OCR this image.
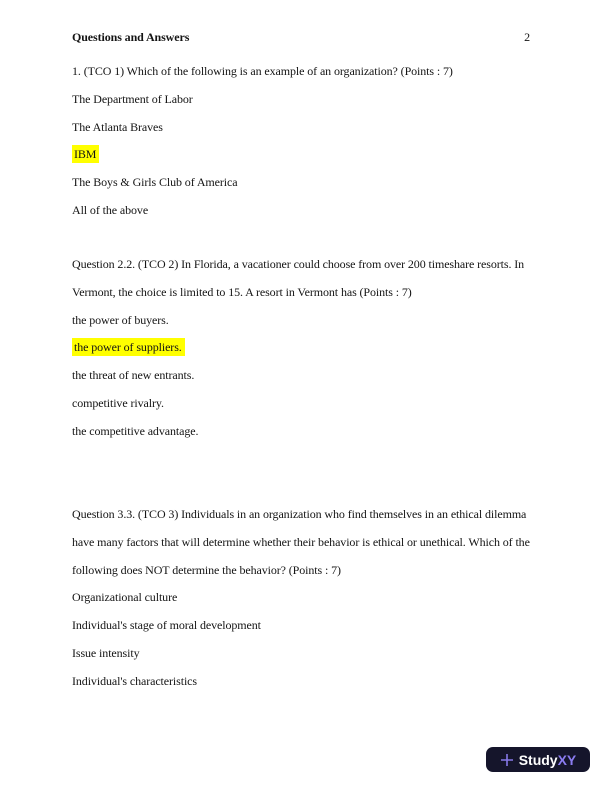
Questions and Answers	2
1. (TCO 1) Which of the following is an example of an organization? (Points : 7)
The Department of Labor
The Atlanta Braves
IBM
The Boys & Girls Club of America
All of the above
Question 2.2. (TCO 2) In Florida, a vacationer could choose from over 200 timeshare resorts. In
Vermont, the choice is limited to 15. A resort in Vermont has (Points : 7)
the power of buyers.
the power of suppliers.
the threat of new entrants.
competitive rivalry.
the competitive advantage.
Question 3.3. (TCO 3) Individuals in an organization who find themselves in an ethical dilemma
have many factors that will determine whether their behavior is ethical or unethical. Which of the
following does NOT determine the behavior? (Points : 7)
Organizational culture
Individual's stage of moral development
Issue intensity
Individual's characteristics
StudyXY
